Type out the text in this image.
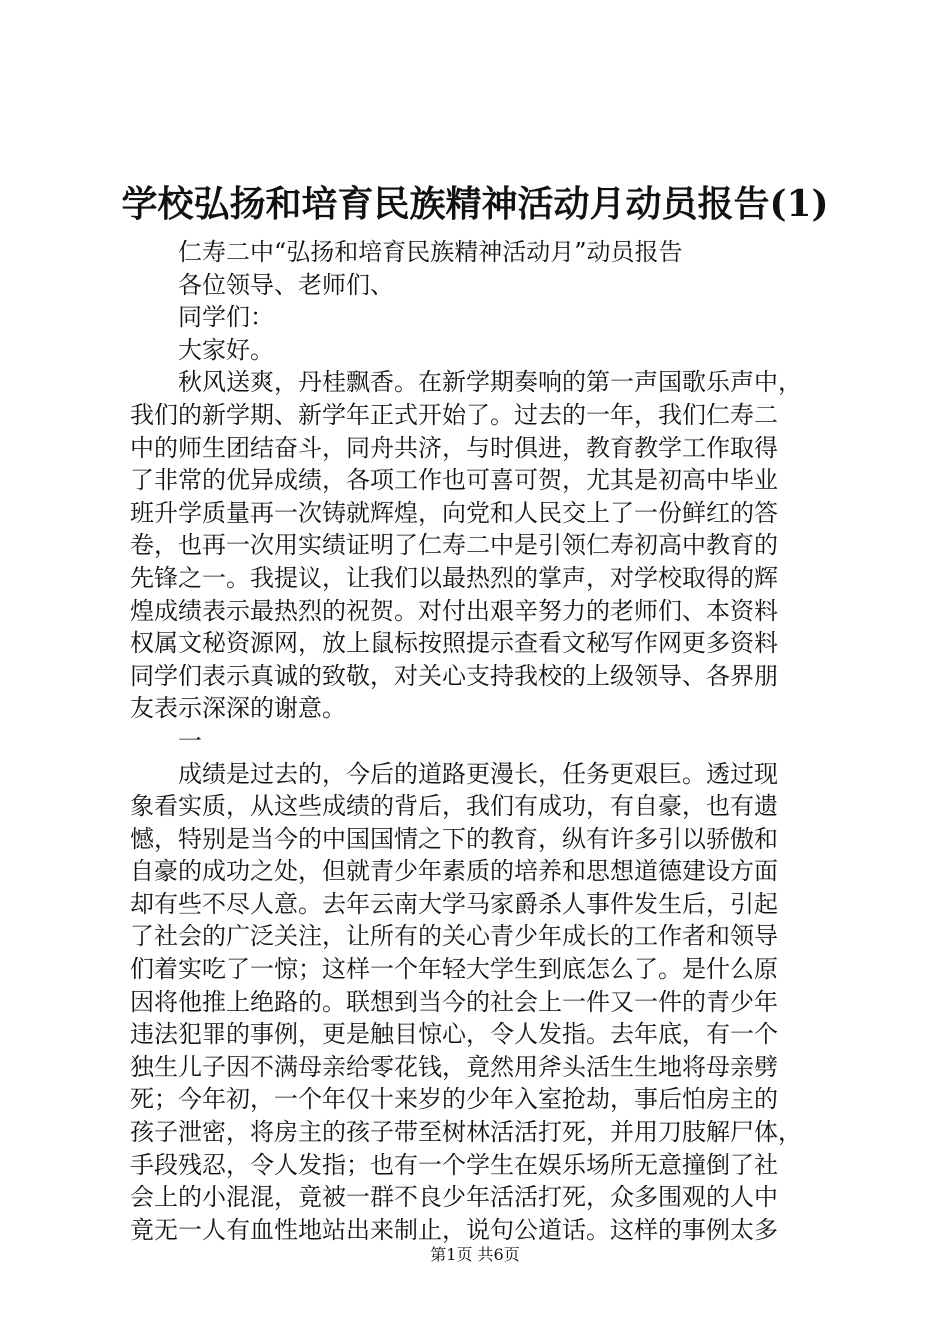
学校弘扬和培育民族精神活动月动员报告(1)
仁寿二中“弘扬和培育民族精神活动月”动员报告
各位领导、老师们、
同学们：
大家好。
秋风送爽，丹桂飘香。在新学期奏响的第一声国歌乐声中，
我们的新学期、新学年正式开始了。过去的一年，我们仁寿二
中的师生团结奋斗，同舟共济，与时俱进，教育教学工作取得
了非常的优异成绩，各项工作也可喜可贺，尤其是初高中毕业
班升学质量再一次铸就辉煌，向党和人民交上了一份鲜红的答
卷，也再一次用实绩证明了仁寿二中是引领仁寿初高中教育的
先锋之一。我提议，让我们以最热烈的掌声，对学校取得的辉
煌成绩表示最热烈的祝贺。对付出艰辛努力的老师们、本资料
权属文秘资源网，放上鼠标按照提示查看文秘写作网更多资料
同学们表示真诚的致敬，对关心支持我校的上级领导、各界朋
友表示深深的谢意。
一
成绩是过去的，今后的道路更漫长，任务更艰巨。透过现
象看实质，从这些成绩的背后，我们有成功，有自豪，也有遗
憾，特别是当今的中国国情之下的教育，纵有许多引以骄傲和
自豪的成功之处，但就青少年素质的培养和思想道德建设方面
却有些不尽人意。去年云南大学马家爵杀人事件发生后，引起
了社会的广泛关注，让所有的关心青少年成长的工作者和领导
们着实吃了一惊；这样一个年轻大学生到底怎么了。是什么原
因将他推上绝路的。联想到当今的社会上一件又一件的青少年
违法犯罪的事例，更是触目惊心，令人发指。去年底，有一个
独生儿子因不满母亲给零花钱，竟然用斧头活生生地将母亲劈
死；今年初，一个年仅十来岁的少年入室抢劫，事后怕房主的
孩子泄密，将房主的孩子带至树林活活打死，并用刀肢解尸体，
手段残忍，令人发指；也有一个学生在娱乐场所无意撞倒了社
会上的小混混，竟被一群不良少年活活打死，众多围观的人中
竟无一人有血性地站出来制止，说句公道话。这样的事例太多
第1页 共6页
